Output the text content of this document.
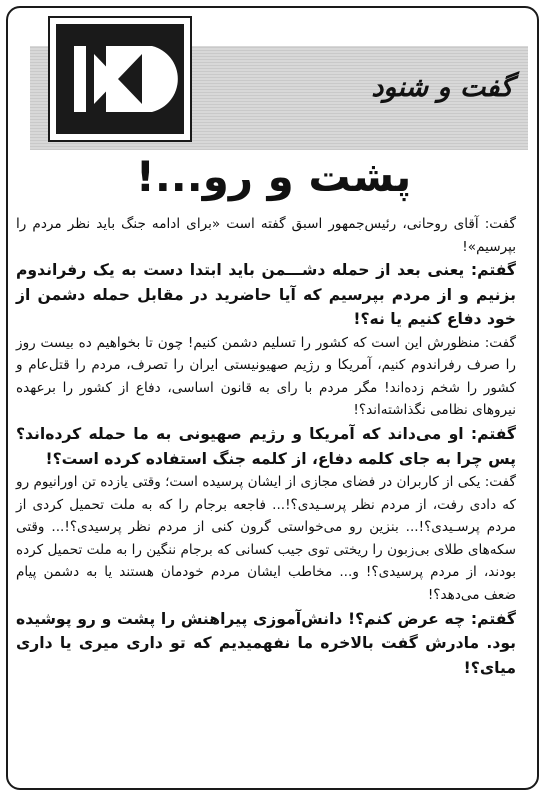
گفت و شنود
پشت و رو...!

گفت: آقای روحانی، رئیس‌جمهور اسبق گفته است «برای ادامه جنگ باید نظر مردم را بپرسیم»!

گفتم: یعنی بعد از حمله دشـــمن باید ابتدا دست به یک رفراندوم بزنیم و از مردم بپرسیم که آیا حاضرید در مقابل حمله دشمن از خود دفاع کنیم یا نه؟!

گفت: منظورش این است که کشور را تسلیم دشمن کنیم! چون تا بخواهیم ده بیست روز را صرف رفراندوم کنیم، آمریکا و رژیم صهیونیستی ایران را تصرف، مردم را قتل‌عام و کشور را شخم زده‌اند! مگر مردم با رای به قانون اساسی، دفاع از کشور را برعهده نیروهای نظامی نگذاشته‌اند؟!

گفتم: او می‌داند که آمریکا و رژیم صهیونی به ما حمله کرده‌اند؟ پس چرا به جای کلمه دفاع، از کلمه جنگ استفاده کرده است؟!

گفت: یکی از کاربران در فضای مجازی از ایشان پرسیده است؛ وقتی یازده تن اورانیوم رو که دادی رفت، از مردم نظر پرسـیدی؟!... فاجعه برجام را که به ملت تحمیل کردی از مردم پرسـیدی؟!... بنزین رو می‌خواستی گرون کنی از مردم نظر پرسیدی؟!... وقتی سکه‌های طلای بی‌زبون را ریختی توی جیب کسانی که برجام ننگین را به ملت تحمیل کرده بودند، از مردم پرسیدی؟! و... مخاطب ایشان مردم خودمان هستند یا به دشمن پیام ضعف می‌دهد؟!

گفتم: چه عرض کنم؟! دانش‌آموزی پیراهنش را پشت و رو پوشیده بود. مادرش گفت بالاخره ما نفهمیدیم که تو داری میری یا داری میای؟!
